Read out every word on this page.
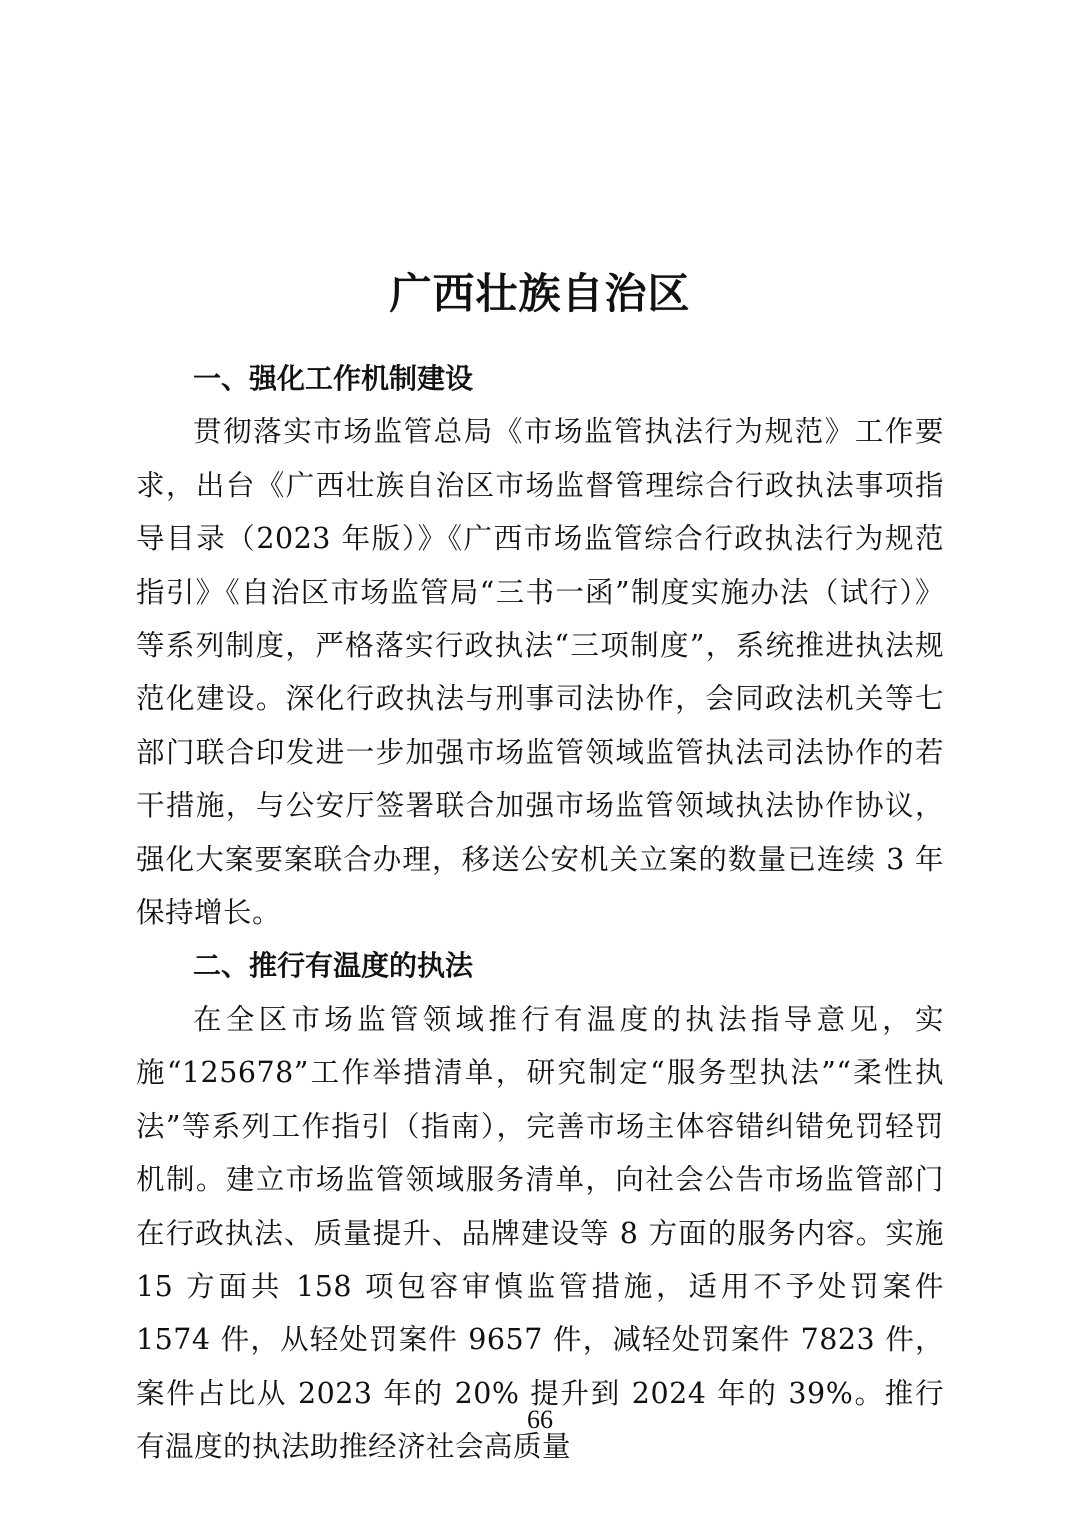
广西壮族自治区
一、强化工作机制建设

贯彻落实市场监管总局《市场监管执法行为规范》工作要求，出台《广西壮族自治区市场监督管理综合行政执法事项指导目录（2023 年版）》《广西市场监管综合行政执法行为规范指引》《自治区市场监管局“三书一函”制度实施办法（试行）》等系列制度，严格落实行政执法“三项制度”，系统推进执法规范化建设。深化行政执法与刑事司法协作，会同政法机关等七部门联合印发进一步加强市场监管领域监管执法司法协作的若干措施，与公安厅签署联合加强市场监管领域执法协作协议，强化大案要案联合办理，移送公安机关立案的数量已连续 3 年保持增长。

二、推行有温度的执法

在全区市场监管领域推行有温度的执法指导意见，实施“125678”工作举措清单，研究制定“服务型执法”“柔性执法”等系列工作指引（指南），完善市场主体容错纠错免罚轻罚机制。建立市场监管领域服务清单，向社会公告市场监管部门在行政执法、质量提升、品牌建设等 8 方面的服务内容。实施 15 方面共 158 项包容审慎监管措施，适用不予处罚案件 1574 件，从轻处罚案件 9657 件，减轻处罚案件 7823 件，案件占比从 2023 年的 20% 提升到 2024 年的 39%。推行有温度的执法助推经济社会高质量

66
